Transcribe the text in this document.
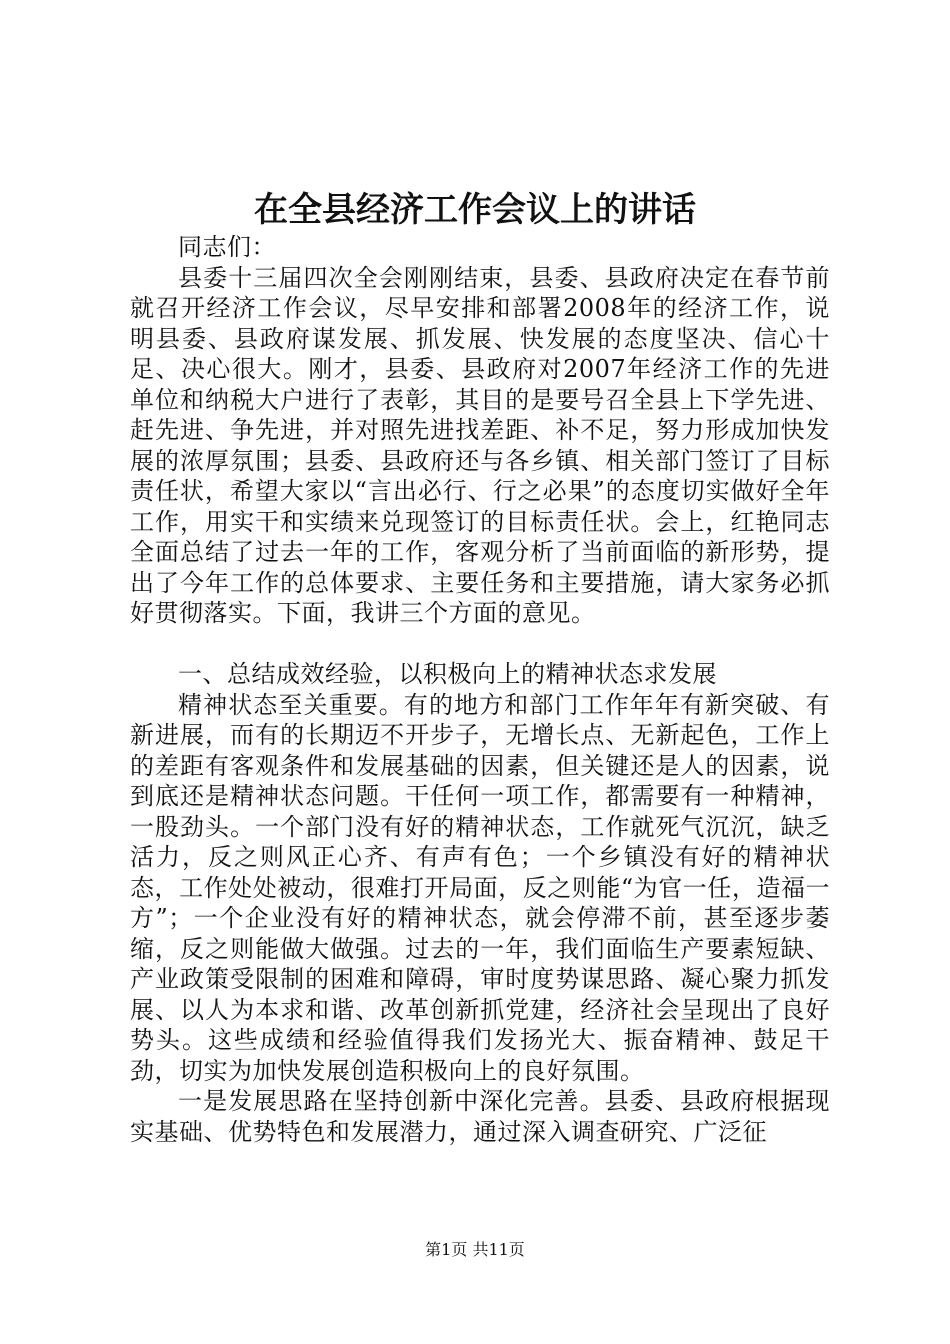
在全县经济工作会议上的讲话

同志们：

县委十三届四次全会刚刚结束，县委、县政府决定在春节前就召开经济工作会议，尽早安排和部署2008年的经济工作，说明县委、县政府谋发展、抓发展、快发展的态度坚决、信心十足、决心很大。刚才，县委、县政府对2007年经济工作的先进单位和纳税大户进行了表彰，其目的是要号召全县上下学先进、赶先进、争先进，并对照先进找差距、补不足，努力形成加快发展的浓厚氛围；县委、县政府还与各乡镇、相关部门签订了目标责任状，希望大家以“言出必行、行之必果”的态度切实做好全年工作，用实干和实绩来兑现签订的目标责任状。会上，红艳同志全面总结了过去一年的工作，客观分析了当前面临的新形势，提出了今年工作的总体要求、主要任务和主要措施，请大家务必抓好贯彻落实。下面，我讲三个方面的意见。

一、总结成效经验，以积极向上的精神状态求发展

精神状态至关重要。有的地方和部门工作年年有新突破、有新进展，而有的长期迈不开步子，无增长点、无新起色，工作上的差距有客观条件和发展基础的因素，但关键还是人的因素，说到底还是精神状态问题。干任何一项工作，都需要有一种精神，一股劲头。一个部门没有好的精神状态，工作就死气沉沉，缺乏活力，反之则风正心齐、有声有色；一个乡镇没有好的精神状态，工作处处被动，很难打开局面，反之则能“为官一任，造福一方”；一个企业没有好的精神状态，就会停滞不前，甚至逐步萎缩，反之则能做大做强。过去的一年，我们面临生产要素短缺、产业政策受限制的困难和障碍，审时度势谋思路、凝心聚力抓发展、以人为本求和谐、改革创新抓党建，经济社会呈现出了良好势头。这些成绩和经验值得我们发扬光大、振奋精神、鼓足干劲，切实为加快发展创造积极向上的良好氛围。

一是发展思路在坚持创新中深化完善。县委、县政府根据现实基础、优势特色和发展潜力，通过深入调查研究、广泛征

第1页 共11页
